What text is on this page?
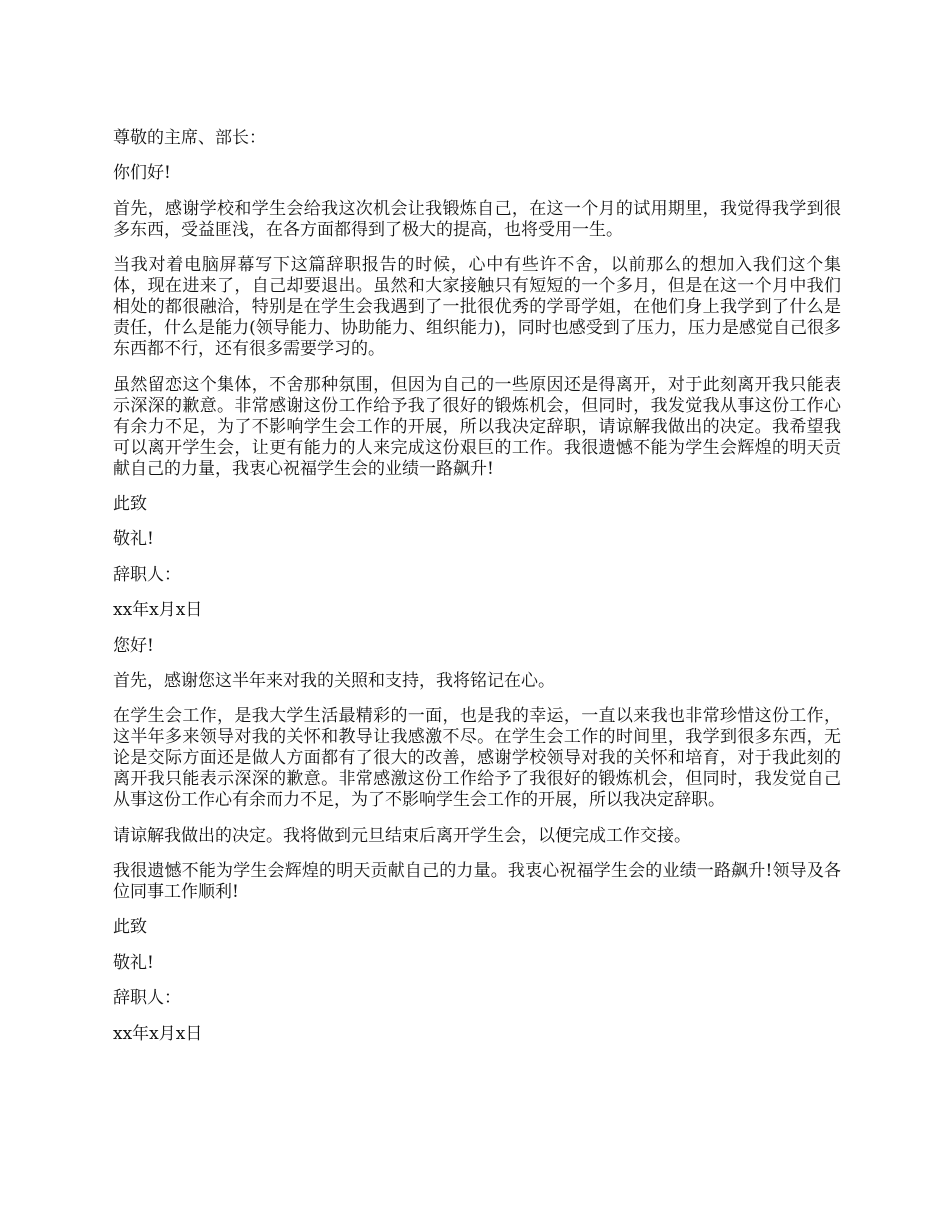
尊敬的主席、部长：

你们好!

首先，感谢学校和学生会给我这次机会让我锻炼自己，在这一个月的试用期里，我觉得我学到很多东西，受益匪浅，在各方面都得到了极大的提高，也将受用一生。

当我对着电脑屏幕写下这篇辞职报告的时候，心中有些许不舍，以前那么的想加入我们这个集体，现在进来了，自己却要退出。虽然和大家接触只有短短的一个多月，但是在这一个月中我们相处的都很融洽，特别是在学生会我遇到了一批很优秀的学哥学姐，在他们身上我学到了什么是责任，什么是能力(领导能力、协助能力、组织能力)，同时也感受到了压力，压力是感觉自己很多东西都不行，还有很多需要学习的。

虽然留恋这个集体，不舍那种氛围，但因为自己的一些原因还是得离开，对于此刻离开我只能表示深深的歉意。非常感谢这份工作给予我了很好的锻炼机会，但同时，我发觉我从事这份工作心有余力不足，为了不影响学生会工作的开展，所以我决定辞职，请谅解我做出的决定。我希望我可以离开学生会，让更有能力的人来完成这份艰巨的工作。我很遗憾不能为学生会辉煌的明天贡献自己的力量，我衷心祝福学生会的业绩一路飙升!

此致

敬礼!

辞职人：

xx年x月x日

您好!

首先，感谢您这半年来对我的关照和支持，我将铭记在心。

在学生会工作，是我大学生活最精彩的一面，也是我的幸运，一直以来我也非常珍惜这份工作，这半年多来领导对我的关怀和教导让我感激不尽。在学生会工作的时间里，我学到很多东西，无论是交际方面还是做人方面都有了很大的改善，感谢学校领导对我的关怀和培育，对于我此刻的离开我只能表示深深的歉意。非常感激这份工作给予了我很好的锻炼机会，但同时，我发觉自己从事这份工作心有余而力不足，为了不影响学生会工作的开展，所以我决定辞职。

请谅解我做出的决定。我将做到元旦结束后离开学生会，以便完成工作交接。

我很遗憾不能为学生会辉煌的明天贡献自己的力量。我衷心祝福学生会的业绩一路飙升!领导及各位同事工作顺利!

此致

敬礼!

辞职人：

xx年x月x日
